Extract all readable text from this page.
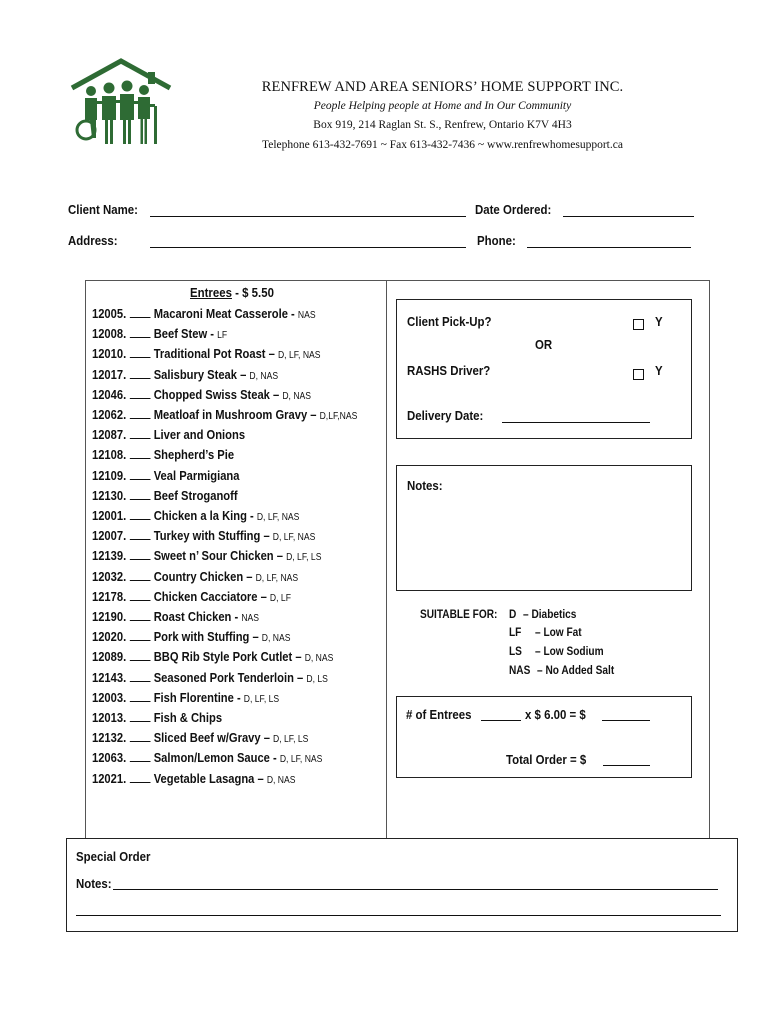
RENFREW AND AREA SENIORS’ HOME SUPPORT INC.
People Helping people at Home and In Our Community
Box 919, 214 Raglan St. S., Renfrew, Ontario K7V 4H3
Telephone 613-432-7691 ~ Fax 613-432-7436 ~ www.renfrewhomesupport.ca
Client Name:	Date Ordered:
Address:	Phone:
Entrees - $ 5.50
12005. Macaroni Meat Casserole - NAS
12008. Beef Stew - LF
12010. Traditional Pot Roast – D, LF, NAS
12017. Salisbury Steak – D, NAS
12046. Chopped Swiss Steak – D, NAS
12062. Meatloaf in Mushroom Gravy – D,LF,NAS
12087. Liver and Onions
12108. Shepherd’s Pie
12109. Veal Parmigiana
12130. Beef Stroganoff
12001. Chicken a la King - D, LF, NAS
12007. Turkey with Stuffing – D, LF, NAS
12139. Sweet n’ Sour Chicken – D, LF, LS
12032. Country Chicken – D, LF, NAS
12178. Chicken Cacciatore – D, LF
12190. Roast Chicken - NAS
12020. Pork with Stuffing – D, NAS
12089. BBQ Rib Style Pork Cutlet – D, NAS
12143. Seasoned Pork Tenderloin – D, LS
12003. Fish Florentine - D, LF, LS
12013. Fish & Chips
12132. Sliced Beef w/Gravy – D, LF, LS
12063. Salmon/Lemon Sauce - D, LF, NAS
12021. Vegetable Lasagna – D, NAS
Client Pick-Up?	Y
OR
RASHS Driver?	Y
Delivery Date:
Notes:
SUITABLE FOR: D – Diabetics
LF – Low Fat
LS – Low Sodium
NAS – No Added Salt
# of Entrees	x $ 6.00 = $
Total Order = $
Special Order
Notes:
